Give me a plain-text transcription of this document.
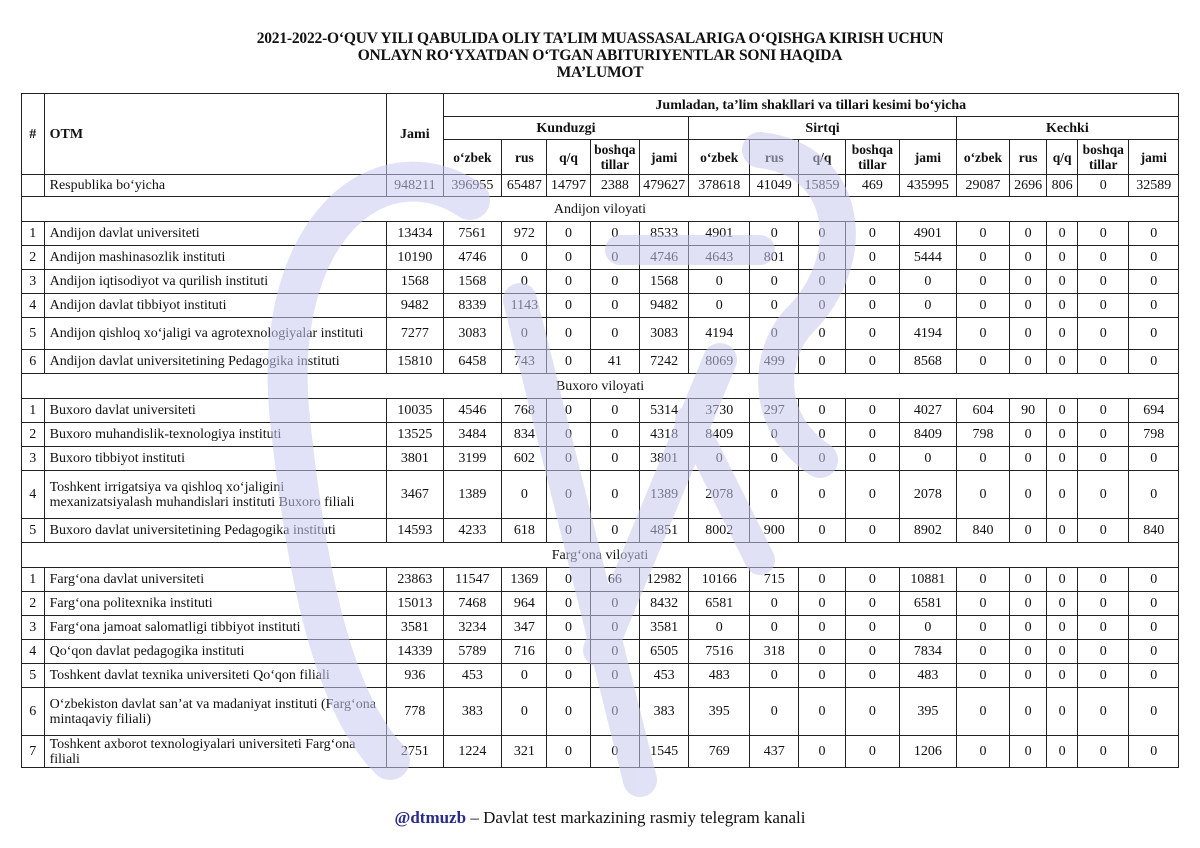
2021-2022-O‘QUV YILI QABULIDA OLIY TA’LIM MUASSASALARIGA O‘QISHGA KIRISH UCHUN
ONLAYN RO‘YXATDAN O‘TGAN ABITURIYENTLAR SONI HAQIDA
MA’LUMOT
#	OTM	Jami	Jumladan, ta’lim shakllari va tillari kesimi bo‘yicha														
			Kunduzgi					Sirtqi					Kechki				
			o‘zbek	rus	q/q	boshqa tillar	jami	o‘zbek	rus	q/q	boshqa tillar	jami	o‘zbek	rus	q/q	boshqa tillar	jami
	Respublika bo‘yicha	948211	396955	65487	14797	2388	479627	378618	41049	15859	469	435995	29087	2696	806	0	32589
Andijon viloyati																	
1	Andijon davlat universiteti	13434	7561	972	0	0	8533	4901	0	0	0	4901	0	0	0	0	0
2	Andijon mashinasozlik instituti	10190	4746	0	0	0	4746	4643	801	0	0	5444	0	0	0	0	0
3	Andijon iqtisodiyot va qurilish instituti	1568	1568	0	0	0	1568	0	0	0	0	0	0	0	0	0	0
4	Andijon davlat tibbiyot instituti	9482	8339	1143	0	0	9482	0	0	0	0	0	0	0	0	0	0
5	Andijon qishloq xo‘jaligi va agrotexnologiyalar instituti	7277	3083	0	0	0	3083	4194	0	0	0	4194	0	0	0	0	0
6	Andijon davlat universitetining Pedagogika instituti	15810	6458	743	0	41	7242	8069	499	0	0	8568	0	0	0	0	0
Buxoro viloyati																	
1	Buxoro davlat universiteti	10035	4546	768	0	0	5314	3730	297	0	0	4027	604	90	0	0	694
2	Buxoro muhandislik-texnologiya instituti	13525	3484	834	0	0	4318	8409	0	0	0	8409	798	0	0	0	798
3	Buxoro tibbiyot instituti	3801	3199	602	0	0	3801	0	0	0	0	0	0	0	0	0	0
4	Toshkent irrigatsiya va qishloq xo‘jaligini mexanizatsiyalash muhandislari instituti Buxoro filiali	3467	1389	0	0	0	1389	2078	0	0	0	2078	0	0	0	0	0
5	Buxoro davlat universitetining Pedagogika instituti	14593	4233	618	0	0	4851	8002	900	0	0	8902	840	0	0	0	840
Farg‘ona viloyati																	
1	Farg‘ona davlat universiteti	23863	11547	1369	0	66	12982	10166	715	0	0	10881	0	0	0	0	0
2	Farg‘ona politexnika instituti	15013	7468	964	0	0	8432	6581	0	0	0	6581	0	0	0	0	0
3	Farg‘ona jamoat salomatligi tibbiyot instituti	3581	3234	347	0	0	3581	0	0	0	0	0	0	0	0	0	0
4	Qo‘qon davlat pedagogika instituti	14339	5789	716	0	0	6505	7516	318	0	0	7834	0	0	0	0	0
5	Toshkent davlat texnika universiteti Qo‘qon filiali	936	453	0	0	0	453	483	0	0	0	483	0	0	0	0	0
6	O‘zbekiston davlat san’at va madaniyat instituti (Farg‘ona mintaqaviy filiali)	778	383	0	0	0	383	395	0	0	0	395	0	0	0	0	0
7	Toshkent axborot texnologiyalari universiteti Farg‘ona filiali	2751	1224	321	0	0	1545	769	437	0	0	1206	0	0	0	0	0
@dtmuzb – Davlat test markazining rasmiy telegram kanali
